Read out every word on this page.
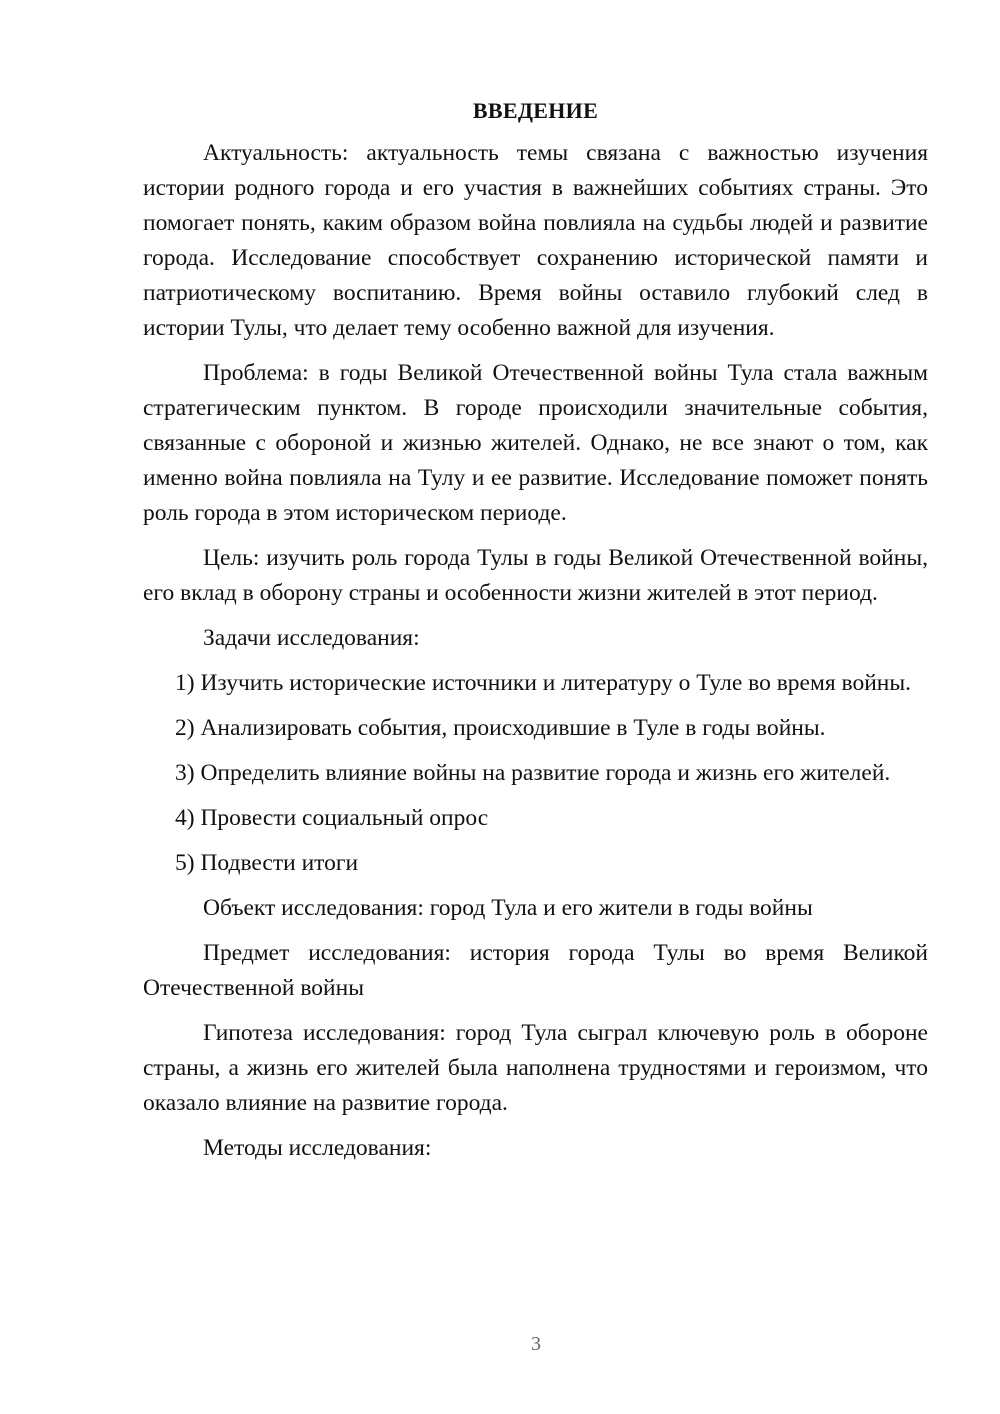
ВВЕДЕНИЕ

Актуальность: актуальность темы связана с важностью изучения истории родного города и его участия в важнейших событиях страны. Это помогает понять, каким образом война повлияла на судьбы людей и развитие города. Исследование способствует сохранению исторической памяти и патриотическому воспитанию. Время войны оставило глубокий след в истории Тулы, что делает тему особенно важной для изучения.

Проблема: в годы Великой Отечественной войны Тула стала важным стратегическим пунктом. В городе происходили значительные события, связанные с обороной и жизнью жителей. Однако, не все знают о том, как именно война повлияла на Тулу и ее развитие. Исследование поможет понять роль города в этом историческом периоде.

Цель: изучить роль города Тулы в годы Великой Отечественной войны, его вклад в оборону страны и особенности жизни жителей в этот период.

Задачи исследования:

1) Изучить исторические источники и литературу о Туле во время войны.

2) Анализировать события, происходившие в Туле в годы войны.

3) Определить влияние войны на развитие города и жизнь его жителей.

4) Провести социальный опрос

5) Подвести итоги

Объект исследования: город Тула и его жители в годы войны

Предмет исследования: история города Тулы во время Великой Отечественной войны

Гипотеза исследования: город Тула сыграл ключевую роль в обороне страны, а жизнь его жителей была наполнена трудностями и героизмом, что оказало влияние на развитие города.

Методы исследования:

3
